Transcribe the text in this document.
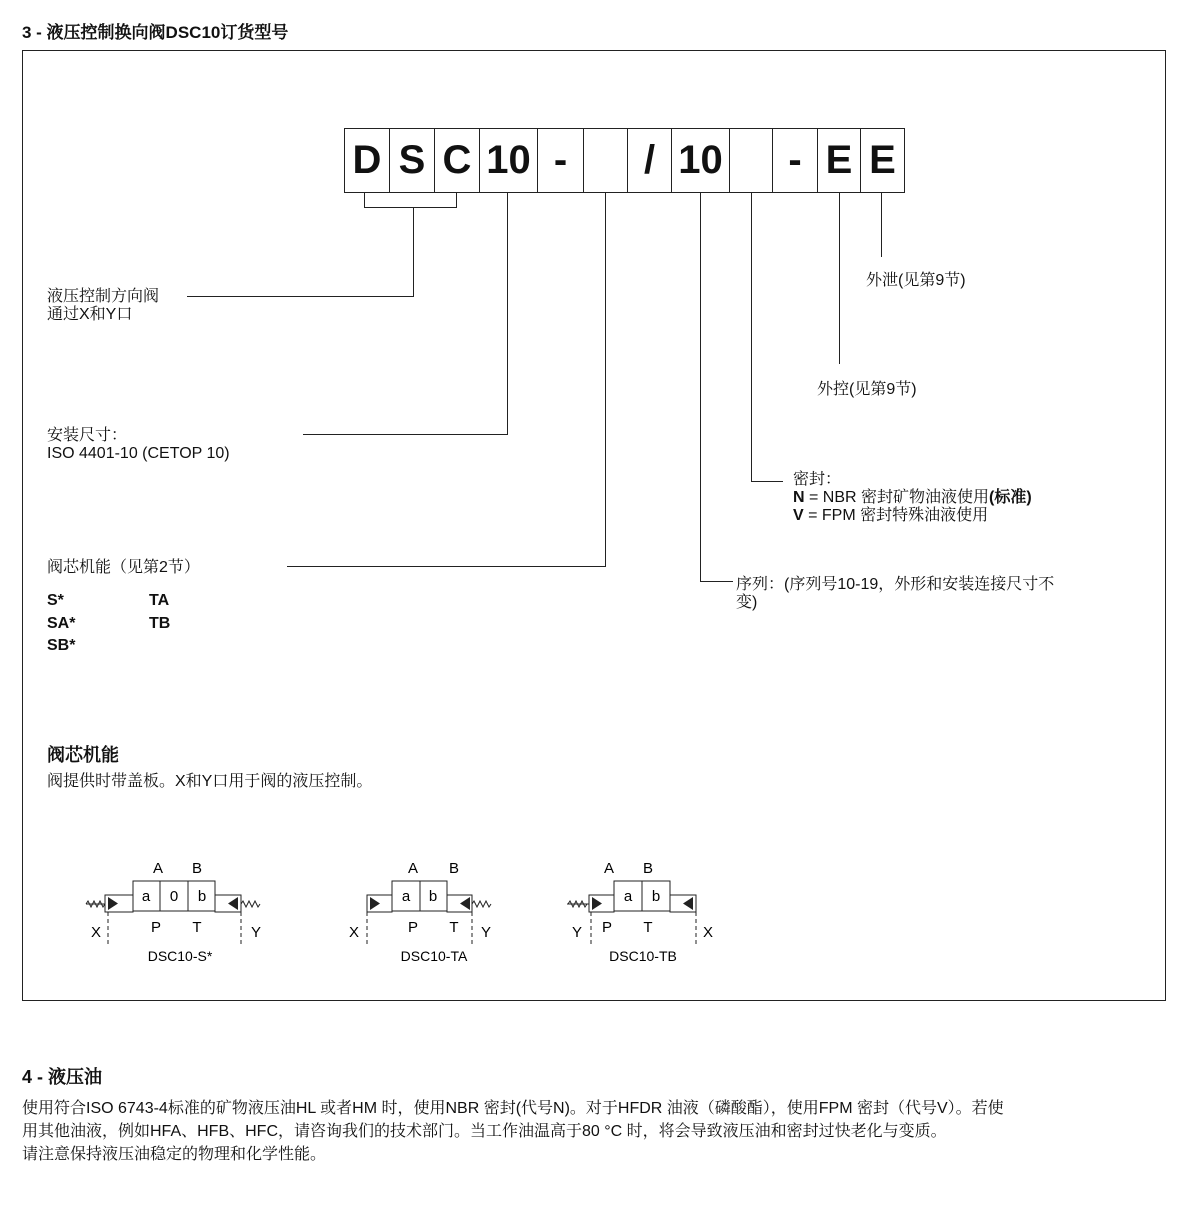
3 - 液压控制换向阀DSC10订货型号
D S C 10 -	/ 10	- E E
液压控制方向阀
通过X和Y口
安装尺寸：
ISO 4401-10 (CETOP 10)
阀芯机能（见第2节）
S*
SA*
SB*
TA
TB
外泄(见第9节)
外控(见第9节)
密封：
N = NBR 密封矿物油液使用(标准)
V = FPM 密封特殊油液使用
序列：(序列号10-19，外形和安装连接尺寸不
变)
阀芯机能
阀提供时带盖板。X和Y口用于阀的液压控制。
a 0 b
A B
P T
X	Y
DSC10-S*
a b
A B
P T
X	Y
DSC10-TA
a b
A B
P T
Y	X
DSC10-TB
4 - 液压油

使用符合ISO 6743-4标准的矿物液压油HL 或者HM 时，使用NBR 密封(代号N)。对于HFDR 油液（磷酸酯），使用FPM 密封（代号V）。若使

用其他油液，例如HFA、HFB、HFC，请咨询我们的技术部门。当工作油温高于80 °C 时，将会导致液压油和密封过快老化与变质。

请注意保持液压油稳定的物理和化学性能。
